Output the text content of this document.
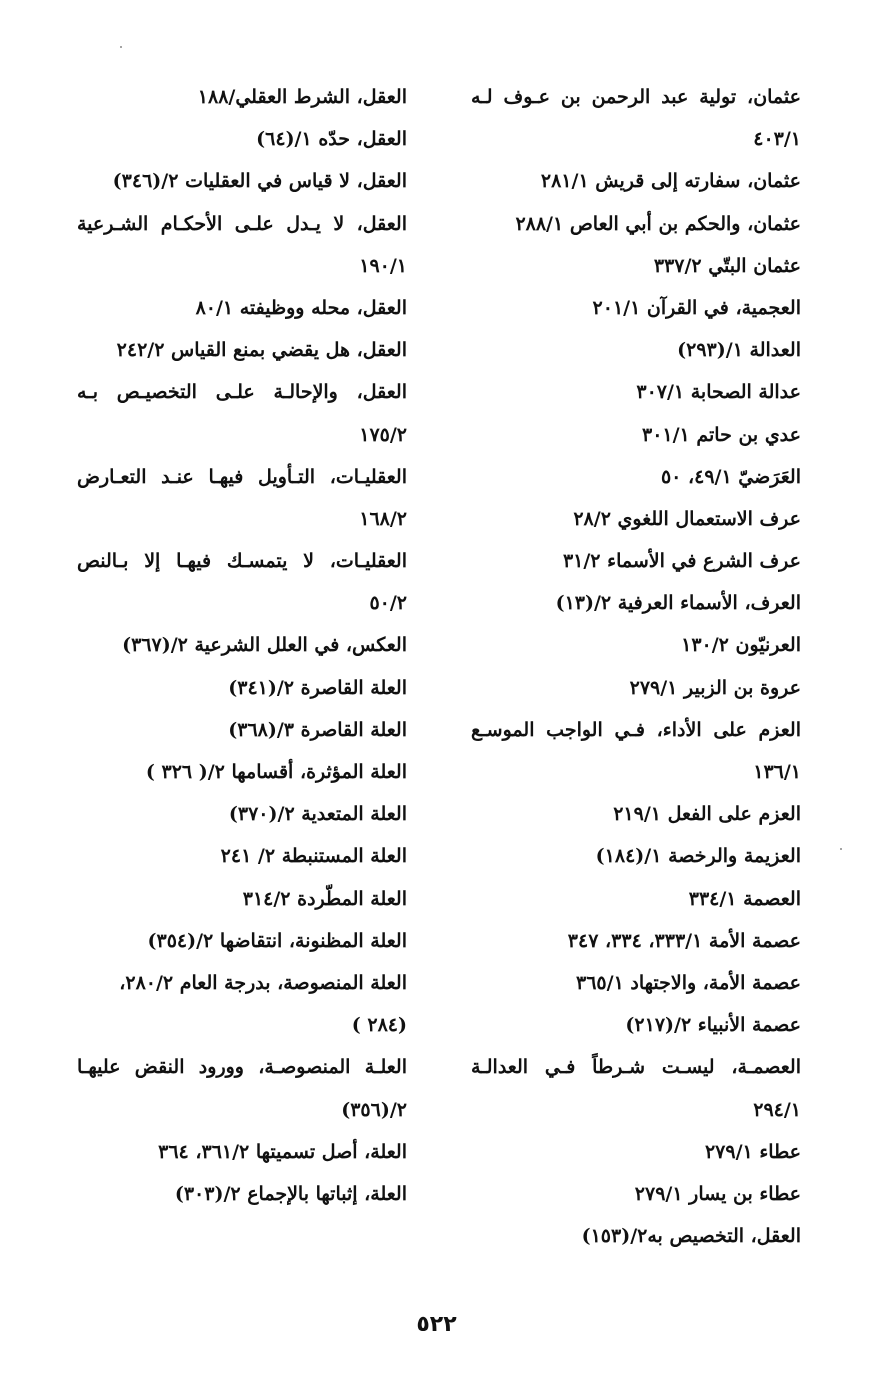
عثمان، تولية عبد الرحمن بن عـوف لـه
٤٠٣/١
عثمان، سفارته إلى قريش ٢٨١/١
عثمان، والحكم بن أبي العاص ٢٨٨/١
عثمان البتّي ٣٣٧/٢
العجمية، في القرآن ٢٠١/١
العدالة ١/(٢٩٣)
عدالة الصحابة ٣٠٧/١
عدي بن حاتم ٣٠١/١
العَرَضيّ ٤٩/١، ٥٠
عرف الاستعمال اللغوي ٢٨/٢
عرف الشرع في الأسماء ٣١/٢
العرف، الأسماء العرفية ٢/(١٣)
العرنيّون ١٣٠/٢
عروة بن الزبير ٢٧٩/١
العزم على الأداء، فـي الواجب الموسـع
١٣٦/١
العزم على الفعل ٢١٩/١
العزيمة والرخصة ١/(١٨٤)
العصمة ٣٣٤/١
عصمة الأمة ٣٣٣/١، ٣٣٤، ٣٤٧
عصمة الأمة، والاجتهاد ٣٦٥/١
عصمة الأنبياء ٢/(٢١٧)
العصمـة، ليسـت شـرطاً فـي العدالـة
٢٩٤/١
عطاء ٢٧٩/١
عطاء بن يسار ٢٧٩/١
العقل، التخصيص به٢/(١٥٣)
العقل، الشرط العقلي/١٨٨
العقل، حدّه ١/(٦٤)
العقل، لا قياس في العقليات ٢/(٣٤٦)
العقل، لا يـدل علـى الأحكـام الشـرعية
١٩٠/١
العقل، محله ووظيفته ٨٠/١
العقل، هل يقضي بمنع القياس ٢٤٢/٢
العقل، والإحالـة علـى التخصيـص بـه
١٧٥/٢
العقليـات، التـأويل فيهـا عنـد التعـارض
١٦٨/٢
العقليـات، لا يتمسـك فيهـا إلا بـالنص
٥٠/٢
العكس، في العلل الشرعية ٢/(٣٦٧)
العلة القاصرة ٢/(٣٤١)
العلة القاصرة ٣/(٣٦٨)
العلة المؤثرة، أقسامها ٢/( ٣٢٦ )
العلة المتعدية ٢/(٣٧٠)
العلة المستنبطة ٢/ ٢٤١
العلة المطّردة ٣١٤/٢
العلة المظنونة، انتقاضها ٢/(٣٥٤)
العلة المنصوصة، بدرجة العام ٢٨٠/٢،
(٢٨٤ )
العلـة المنصوصـة، وورود النقض عليهـا
٢/(٣٥٦)
العلة، أصل تسميتها ٣٦١/٢، ٣٦٤
العلة، إثباتها بالإجماع ٢/(٣٠٣)
٥٢٢
